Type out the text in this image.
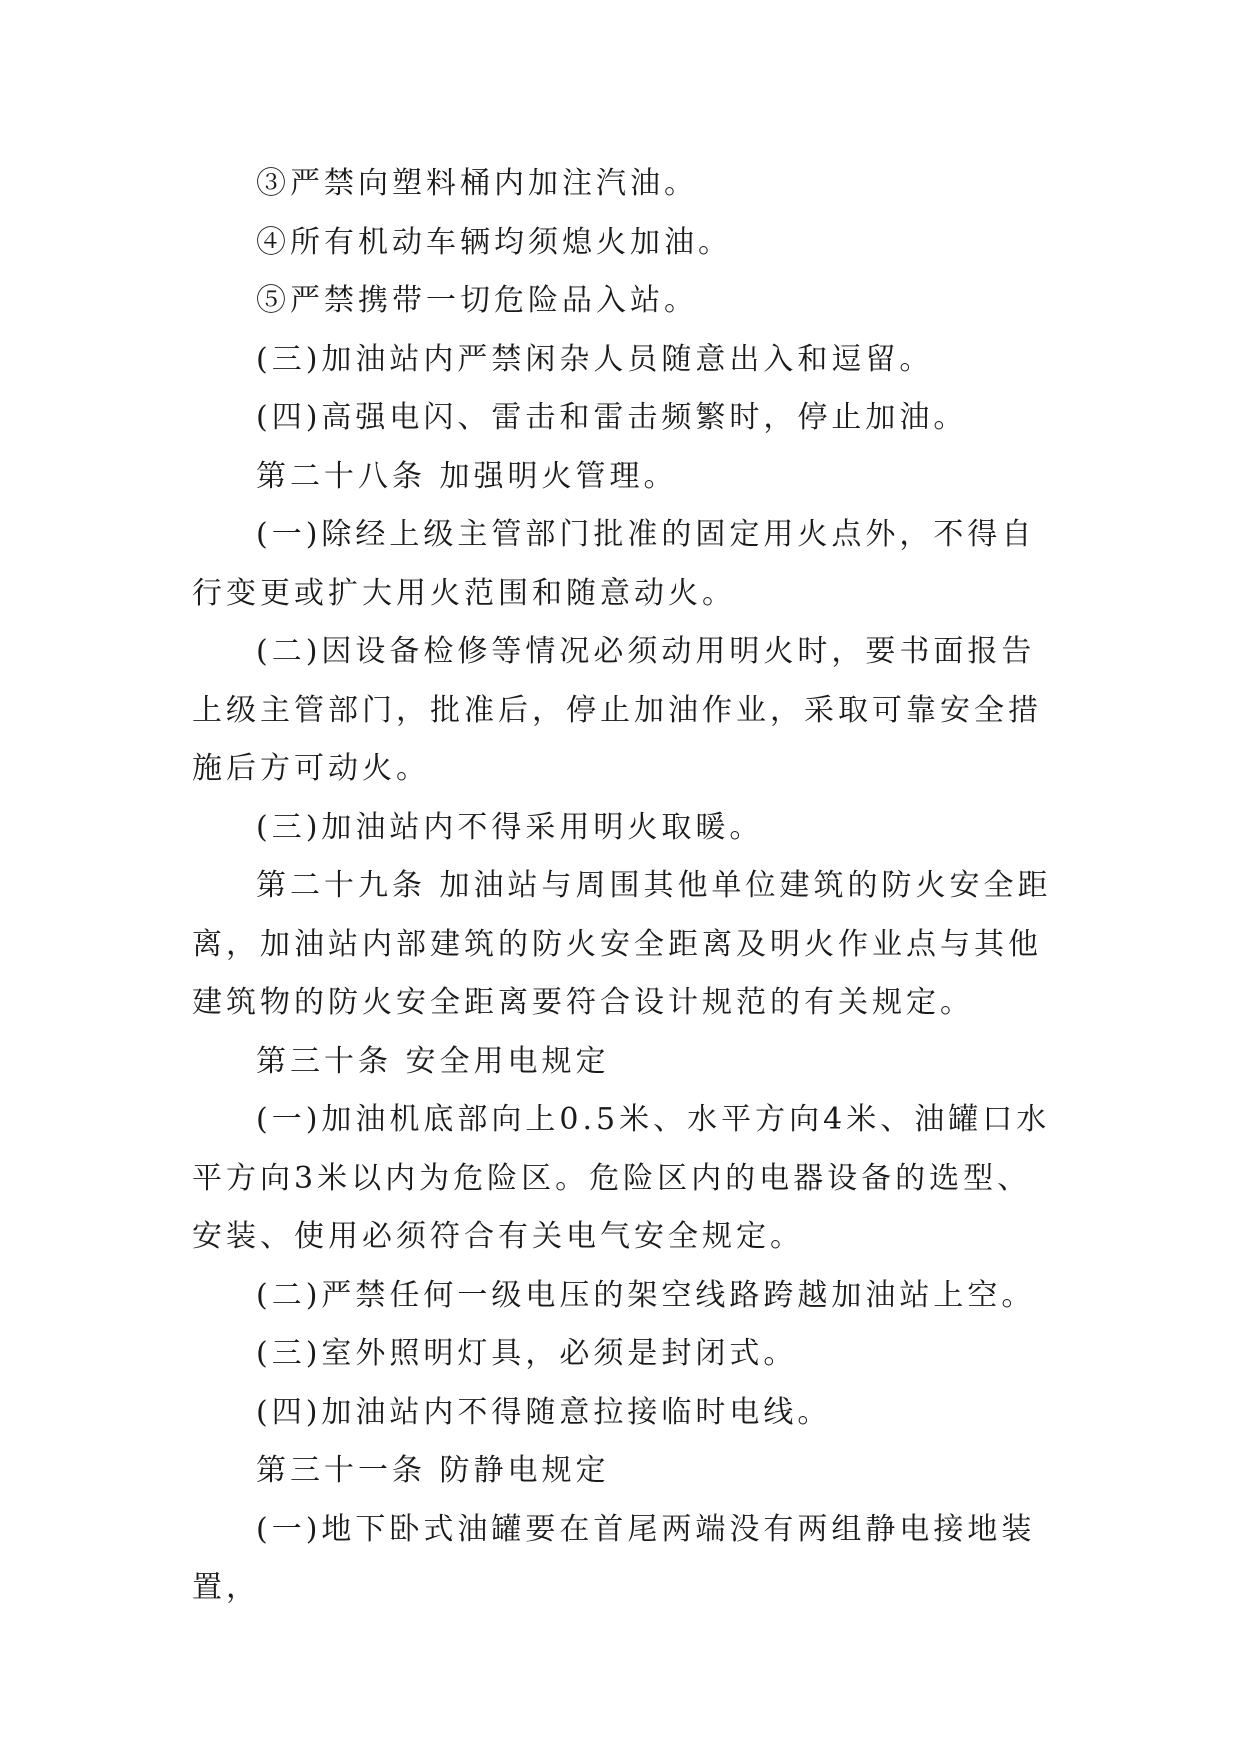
③严禁向塑料桶内加注汽油。

④所有机动车辆均须熄火加油。

⑤严禁携带一切危险品入站。

(三)加油站内严禁闲杂人员随意出入和逗留。

(四)高强电闪、雷击和雷击频繁时，停止加油。

第二十八条 加强明火管理。

(一)除经上级主管部门批准的固定用火点外，不得自行变更或扩大用火范围和随意动火。

(二)因设备检修等情况必须动用明火时，要书面报告上级主管部门，批准后，停止加油作业，采取可靠安全措施后方可动火。

(三)加油站内不得采用明火取暖。

第二十九条 加油站与周围其他单位建筑的防火安全距离，加油站内部建筑的防火安全距离及明火作业点与其他建筑物的防火安全距离要符合设计规范的有关规定。

第三十条 安全用电规定

(一)加油机底部向上0.5米、水平方向4米、油罐口水平方向3米以内为危险区。危险区内的电器设备的选型、安装、使用必须符合有关电气安全规定。

(二)严禁任何一级电压的架空线路跨越加油站上空。

(三)室外照明灯具，必须是封闭式。

(四)加油站内不得随意拉接临时电线。

第三十一条 防静电规定

(一)地下卧式油罐要在首尾两端没有两组静电接地装置，
